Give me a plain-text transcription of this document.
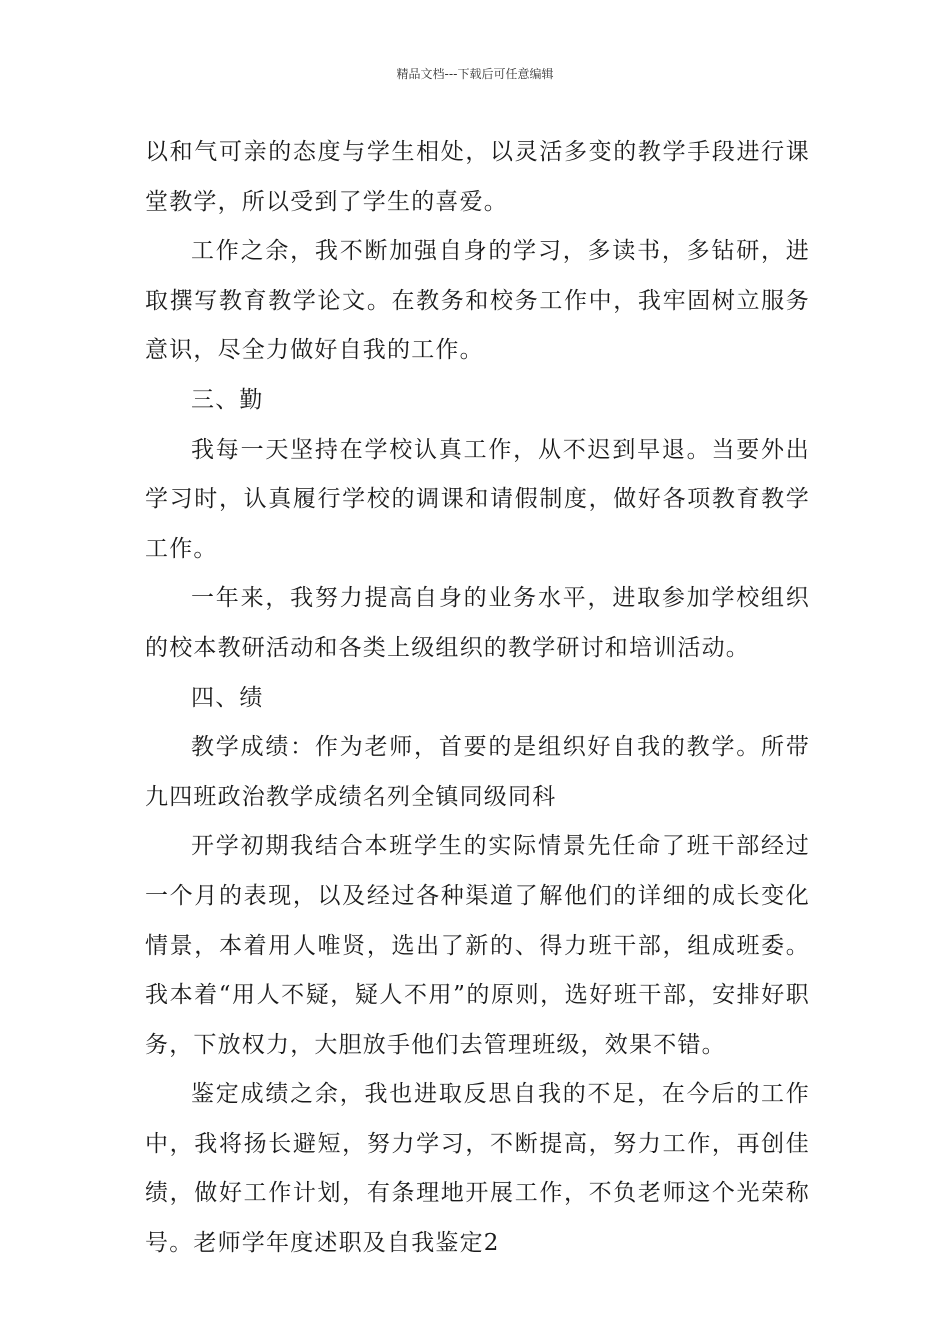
精品文档---下载后可任意编辑

以和气可亲的态度与学生相处，以灵活多变的教学手段进行课堂教学，所以受到了学生的喜爱。

工作之余，我不断加强自身的学习，多读书，多钻研，进取撰写教育教学论文。在教务和校务工作中，我牢固树立服务意识，尽全力做好自我的工作。

三、勤

我每一天坚持在学校认真工作，从不迟到早退。当要外出学习时，认真履行学校的调课和请假制度，做好各项教育教学工作。

一年来，我努力提高自身的业务水平，进取参加学校组织的校本教研活动和各类上级组织的教学研讨和培训活动。

四、绩

教学成绩：作为老师，首要的是组织好自我的教学。所带九四班政治教学成绩名列全镇同级同科

开学初期我结合本班学生的实际情景先任命了班干部经过一个月的表现，以及经过各种渠道了解他们的详细的成长变化情景，本着用人唯贤，选出了新的、得力班干部，组成班委。我本着“用人不疑，疑人不用”的原则，选好班干部，安排好职务，下放权力，大胆放手他们去管理班级，效果不错。

鉴定成绩之余，我也进取反思自我的不足，在今后的工作中，我将扬长避短，努力学习，不断提高，努力工作，再创佳绩，做好工作计划，有条理地开展工作，不负老师这个光荣称号。老师学年度述职及自我鉴定2
